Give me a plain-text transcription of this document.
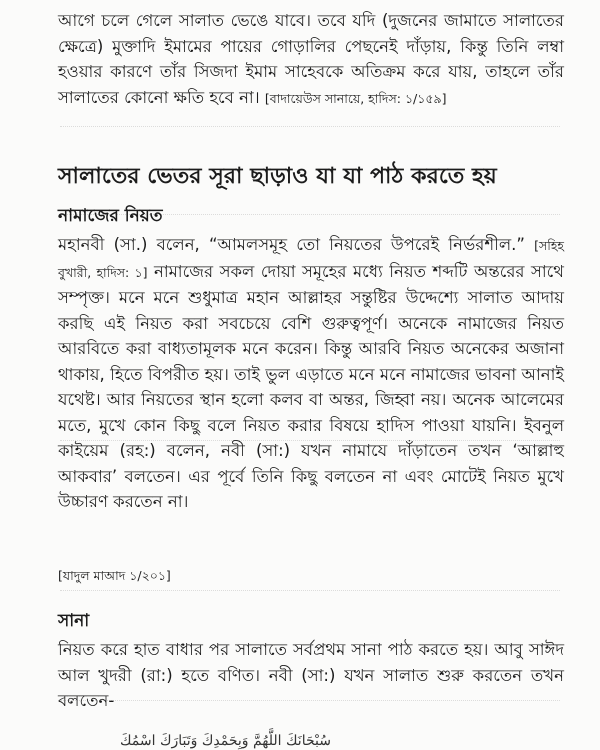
আগে চলে গেলে সালাত ভেঙে যাবে। তবে যদি (দুজনের জামাতে সালাতের ক্ষেত্রে) মুক্তাদি ইমামের পায়ের গোড়ালির পেছনেই দাঁড়ায়, কিন্তু তিনি লম্বা হওয়ার কারণে তাঁর সিজদা ইমাম সাহেবকে অতিক্রম করে যায়, তাহলে তাঁর সালাতের কোনো ক্ষতি হবে না। [বাদায়েউস সানায়ে, হাদিস: ১/১৫৯]

সালাতের ভেতর সূরা ছাড়াও যা যা পাঠ করতে হয়
নামাজের নিয়ত

মহানবী (সা.) বলেন, “আমলসমূহ তো নিয়তের উপরেই নির্ভরশীল.” [সহিহ বুখারী, হাদিস: ১] নামাজের সকল দোয়া সমূহের মধ্যে নিয়ত শব্দটি অন্তরের সাথে সম্পৃক্ত। মনে মনে শুধুমাত্র মহান আল্লাহর সন্তুষ্টির উদ্দেশ্যে সালাত আদায় করছি এই নিয়ত করা সবচেয়ে বেশি গুরুত্বপূর্ণ। অনেকে নামাজের নিয়ত আরবিতে করা বাধ্যতামূলক মনে করেন। কিন্তু আরবি নিয়ত অনেকের অজানা থাকায়, হিতে বিপরীত হয়। তাই ভুল এড়াতে মনে মনে নামাজের ভাবনা আনাই যথেষ্ট। আর নিয়তের স্থান হলো কলব বা অন্তর, জিহ্বা নয়। অনেক আলেমের মতে, মুখে কোন কিছু বলে নিয়ত করার বিষয়ে হাদিস পাওয়া যায়নি। ইবনুল কাইয়েম (রহ:) বলেন, নবী (সা:) যখন নামাযে দাঁড়াতেন তখন ‘আল্লাহু আকবার’ বলতেন। এর পূর্বে তিনি কিছু বলতেন না এবং মোটেই নিয়ত মুখে উচ্চারণ করতেন না।

[যাদুল মাআদ ১/২০১]

সানা

নিয়ত করে হাত বাধার পর সালাতে সর্বপ্রথম সানা পাঠ করতে হয়। আবু সাঈদ আল খুদরী (রা:) হতে বণিত। নবী (সা:) যখন সালাত শুরু করতেন তখন বলতেন-

سُبْحَانَكَ اللَّهُمَّ وَبِحَمْدِكَ وَتَبَارَكَ اسْمُكَ
